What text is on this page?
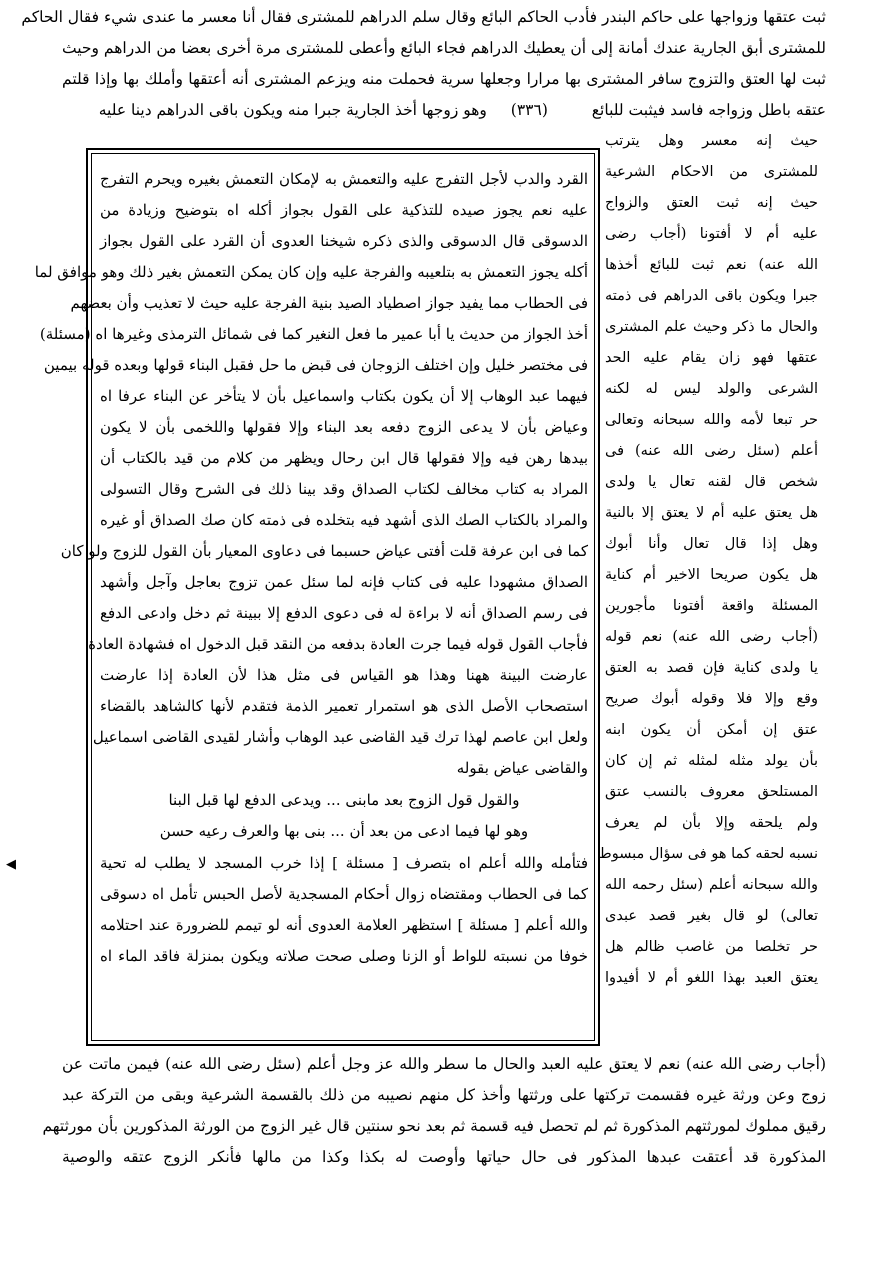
ثبت عتقها وزواجها على حاكم البندر فأدب الحاكم البائع وقال سلم الدراهم للمشترى فقال أنا معسر ما عندى شيء فقال الحاكم
للمشترى أبق الجارية عندك أمانة إلى أن يعطيك الدراهم فجاء البائع وأعطى للمشترى مرة أخرى بعضا من الدراهم وحيث
ثبت لها العتق والتزوج سافر المشترى بها مرارا وجعلها سرية فحملت منه ويزعم المشترى أنه أعتقها وأملك بها وإذا قلتم
عتقه باطل وزواجه فاسد فيثبت للبائع  (٣٣٦)  وهو زوجها أخذ الجارية جبرا منه ويكون باقى الدراهم دينا عليه
حيث إنه معسر وهل يترتب
للمشترى من الاحكام الشرعية
حيث إنه ثبت العتق والزواج
عليه أم لا أفتونا (أجاب رضى
الله عنه) نعم ثبت للبائع أخذها
جبرا ويكون باقى الدراهم فى ذمته
والحال ما ذكر وحيث علم المشترى
عتقها فهو زان يقام عليه الحد
الشرعى والولد ليس له لكنه
حر تبعا لأمه والله سبحانه وتعالى
أعلم (سئل رضى الله عنه) فى
شخص قال لقنه تعال يا ولدى
هل يعتق عليه أم لا يعتق إلا بالنية
وهل إذا قال تعال وأنا أبوك
هل يكون صريحا الاخير أم كناية
المسئلة واقعة أفتونا مأجورين
(أجاب رضى الله عنه) نعم قوله
يا ولدى كناية فإن قصد به العتق
وقع وإلا فلا وقوله أبوك صريح
عتق إن أمكن أن يكون ابنه
بأن يولد مثله لمثله ثم إن كان
المستلحق معروف بالنسب عتق
ولم يلحقه وإلا بأن لم يعرف
نسبه لحقه كما هو فى سؤال مبسوط
والله سبحانه أعلم (سئل رحمه الله
تعالى) لو قال بغير قصد عبدى
حر تخلصا من غاصب ظالم هل
يعتق العبد بهذا اللغو أم لا أفيدوا
القرد والدب لأجل التفرج عليه والتعمش به لإمكان التعمش بغيره ويحرم التفرج
عليه نعم يجوز صيده للتذكية على القول بجواز أكله اه بتوضيح وزيادة من
الدسوقى قال الدسوقى والذى ذكره شيخنا العدوى أن القرد على القول بجواز
أكله يجوز التعمش به بتلعيبه والفرجة عليه وإن كان يمكن التعمش بغير ذلك وهو موافق لما
فى الحطاب مما يفيد جواز اصطياد الصيد بنية الفرجة عليه حيث لا تعذيب وأن بعضهم
أخذ الجواز من حديث يا أبا عمير ما فعل النغير كما فى شمائل الترمذى وغيرها اه (مسئلة)
فى مختصر خليل وإن اختلف الزوجان فى قبض ما حل فقبل البناء قولها وبعده قوله بيمين
فيهما عبد الوهاب إلا أن يكون بكتاب واسماعيل بأن لا يتأخر عن البناء عرفا اه
وعياض بأن لا يدعى الزوج دفعه بعد البناء وإلا فقولها واللخمى بأن لا يكون
بيدها رهن فيه وإلا فقولها قال ابن رحال ويظهر من كلام من قيد بالكتاب أن
المراد به كتاب مخالف لكتاب الصداق وقد بينا ذلك فى الشرح وقال التسولى
والمراد بالكتاب الصك الذى أشهد فيه بتخلده فى ذمته كان صك الصداق أو غيره
كما فى ابن عرفة قلت أفتى عياض حسبما فى دعاوى المعيار بأن القول للزوج ولو كان
الصداق مشهودا عليه فى كتاب فإنه لما سئل عمن تزوج بعاجل وآجل وأشهد
فى رسم الصداق أنه لا براءة له فى دعوى الدفع إلا ببينة ثم دخل وادعى الدفع
فأجاب القول قوله فيما جرت العادة بدفعه من النقد قبل الدخول اه فشهادة العادة
عارضت البينة ههنا وهذا هو القياس فى مثل هذا لأن العادة إذا عارضت
استصحاب الأصل الذى هو استمرار تعمير الذمة فتقدم لأنها كالشاهد بالقضاء
ولعل ابن عاصم لهذا ترك قيد القاضى عبد الوهاب وأشار لقيدى القاضى اسماعيل
والقاضى عياض بقوله
والقول قول الزوج بعد مابنى ... ويدعى الدفع لها قبل البنا
وهو لها فيما ادعى من بعد أن ... بنى بها والعرف رعيه حسن
فتأمله والله أعلم اه بتصرف [ مسئلة ] إذا خرب المسجد لا يطلب له تحية
كما فى الحطاب ومقتضاه زوال أحكام المسجدية لأصل الحبس تأمل اه دسوقى
والله أعلم [ مسئلة ] استظهر العلامة العدوى أنه لو تيمم للضرورة عند احتلامه
خوفا من نسبته للواط أو الزنا وصلى صحت صلاته ويكون بمنزلة فاقد الماء اه
(أجاب رضى الله عنه) نعم لا يعتق عليه العبد والحال ما سطر والله عز وجل أعلم (سئل رضى الله عنه) فيمن ماتت عن
زوج وعن ورثة غيره فقسمت تركتها على ورثتها وأخذ كل منهم نصيبه من ذلك بالقسمة الشرعية وبقى من التركة عبد
رقيق مملوك لمورثتهم المذكورة ثم لم تحصل فيه قسمة ثم بعد نحو سنتين قال غير الزوج من الورثة المذكورين بأن مورثتهم
المذكورة قد أعتقت عبدها المذكور فى حال حياتها وأوصت له بكذا وكذا من مالها فأنكر الزوج عتقه والوصية
◀
